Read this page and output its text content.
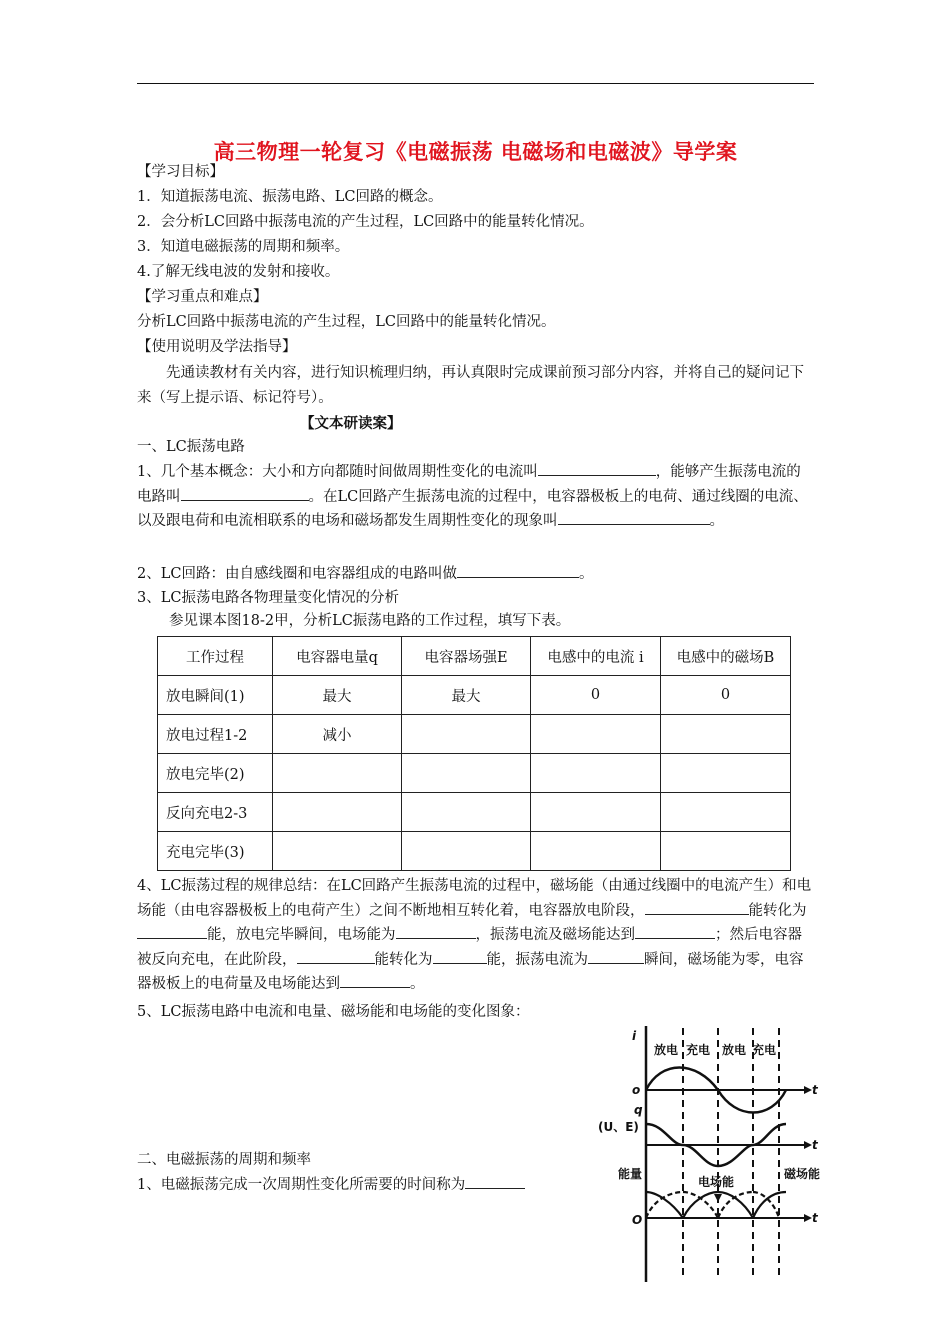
高三物理一轮复习《电磁振荡 电磁场和电磁波》导学案
【学习目标】
1．知道振荡电流、振荡电路、LC回路的概念。
2．会分析LC回路中振荡电流的产生过程，LC回路中的能量转化情况。
3．知道电磁振荡的周期和频率。
4.了解无线电波的发射和接收。
【学习重点和难点】
分析LC回路中振荡电流的产生过程，LC回路中的能量转化情况。
【使用说明及学法指导】
先通读教材有关内容，进行知识梳理归纳，再认真限时完成课前预习部分内容，并将自己的疑问记下来（写上提示语、标记符号）。
【文本研读案】
一、LC振荡电路
1、几个基本概念：大小和方向都随时间做周期性变化的电流叫	，能够产生振荡电流的电路叫	。在LC回路产生振荡电流的过程中，电容器极板上的电荷、通过线圈的电流、以及跟电荷和电流相联系的电场和磁场都发生周期性变化的现象叫	。
2、LC回路：由自感线圈和电容器组成的电路叫做	。
3、LC振荡电路各物理量变化情况的分析
参见课本图18-2甲，分析LC振荡电路的工作过程，填写下表。
工作过程	电容器电量q	电容器场强E	电感中的电流 i	电感中的磁场B
放电瞬间(1)	最大	最大	0	0
放电过程1-2	减小			
放电完毕(2)				
反向充电2-3				
充电完毕(3)				
4、LC振荡过程的规律总结：在LC回路产生振荡电流的过程中，磁场能（由通过线圈中的电流产生）和电场能（由电容器极板上的电荷产生）之间不断地相互转化着，电容器放电阶段，	能转化为能，放电完毕瞬间，电场能为	，振荡电流及磁场能达到	；然后电容器被反向充电，在此阶段，	能转化为	能，振荡电流为	瞬间，磁场能为零，电容器极板上的电荷量及电场能达到	。
5、LC振荡电路中电流和电量、磁场能和电场能的变化图象：
二、电磁振荡的周期和频率
1、电磁振荡完成一次周期性变化所需要的时间称为
i
放电 充电 放电 充电
o	t
q
(U、E)
t
能量
电场能
磁场能
O	t
